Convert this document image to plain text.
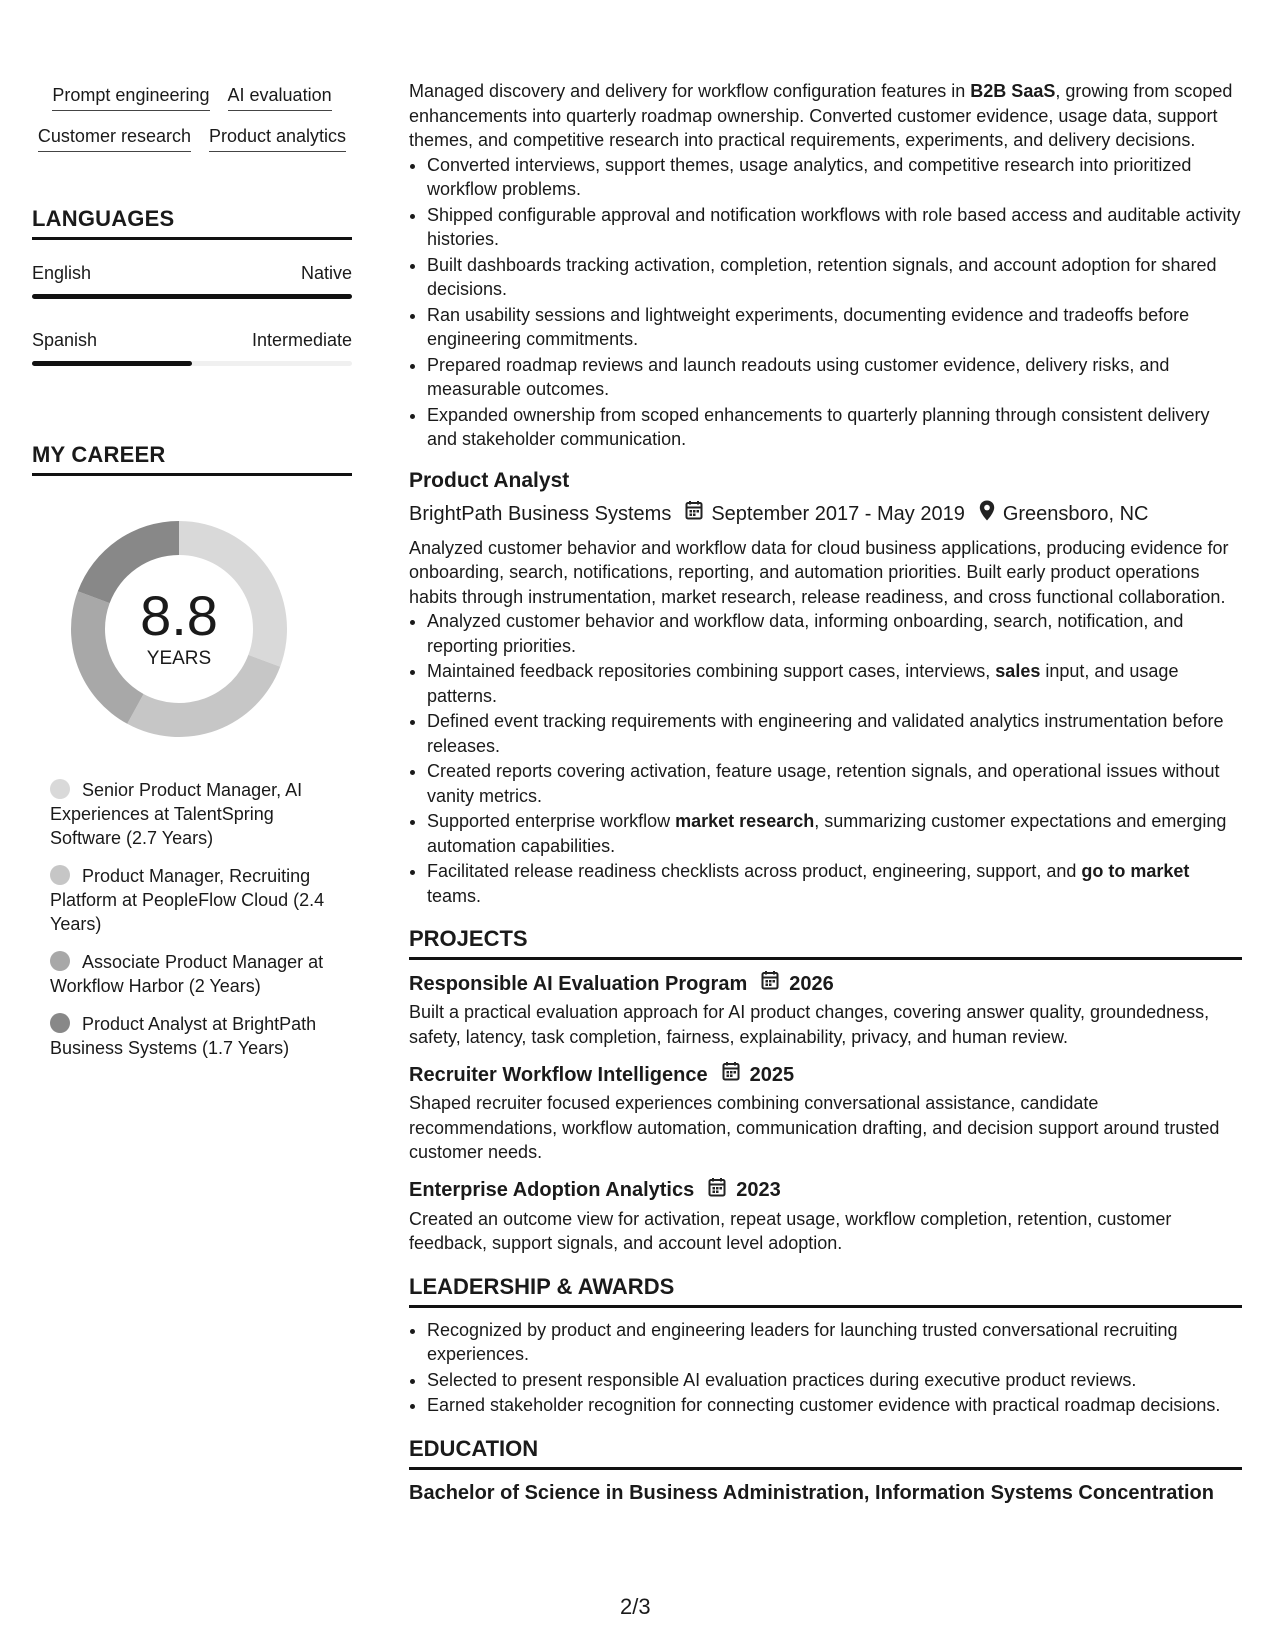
Prompt engineering AI evaluation
Customer research Product analytics
LANGUAGES
English	Native
Spanish	Intermediate
MY CAREER
8.8
YEARS
Senior Product Manager, AI Experiences at TalentSpring Software (2.7 Years)
Product Manager, Recruiting Platform at PeopleFlow Cloud (2.4 Years)
Associate Product Manager at Workflow Harbor (2 Years)
Product Analyst at BrightPath Business Systems (1.7 Years)

Managed discovery and delivery for workflow configuration features in B2B SaaS, growing from scoped enhancements into quarterly roadmap ownership. Converted customer evidence, usage data, support themes, and competitive research into practical requirements, experiments, and delivery decisions.

• Converted interviews, support themes, usage analytics, and competitive research into prioritized workflow problems.
• Shipped configurable approval and notification workflows with role based access and auditable activity histories.
• Built dashboards tracking activation, completion, retention signals, and account adoption for shared decisions.
• Ran usability sessions and lightweight experiments, documenting evidence and tradeoffs before engineering commitments.
• Prepared roadmap reviews and launch readouts using customer evidence, delivery risks, and measurable outcomes.
• Expanded ownership from scoped enhancements to quarterly planning through consistent delivery and stakeholder communication.
Product Analyst
BrightPath Business Systems September 2017 - May 2019 Greensboro, NC

Analyzed customer behavior and workflow data for cloud business applications, producing evidence for onboarding, search, notifications, reporting, and automation priorities. Built early product operations habits through instrumentation, market research, release readiness, and cross functional collaboration.

• Analyzed customer behavior and workflow data, informing onboarding, search, notification, and reporting priorities.
• Maintained feedback repositories combining support cases, interviews, sales input, and usage patterns.
• Defined event tracking requirements with engineering and validated analytics instrumentation before releases.
• Created reports covering activation, feature usage, retention signals, and operational issues without vanity metrics.
• Supported enterprise workflow market research, summarizing customer expectations and emerging automation capabilities.
• Facilitated release readiness checklists across product, engineering, support, and go to market teams.
PROJECTS
Responsible AI Evaluation Program 2026

Built a practical evaluation approach for AI product changes, covering answer quality, groundedness, safety, latency, task completion, fairness, explainability, privacy, and human review.

Recruiter Workflow Intelligence 2025

Shaped recruiter focused experiences combining conversational assistance, candidate recommendations, workflow automation, communication drafting, and decision support around trusted customer needs.

Enterprise Adoption Analytics 2023

Created an outcome view for activation, repeat usage, workflow completion, retention, customer feedback, support signals, and account level adoption.

LEADERSHIP & AWARDS
• Recognized by product and engineering leaders for launching trusted conversational recruiting experiences.
• Selected to present responsible AI evaluation practices during executive product reviews.
• Earned stakeholder recognition for connecting customer evidence with practical roadmap decisions.
EDUCATION
Bachelor of Science in Business Administration, Information Systems Concentration
2/3
